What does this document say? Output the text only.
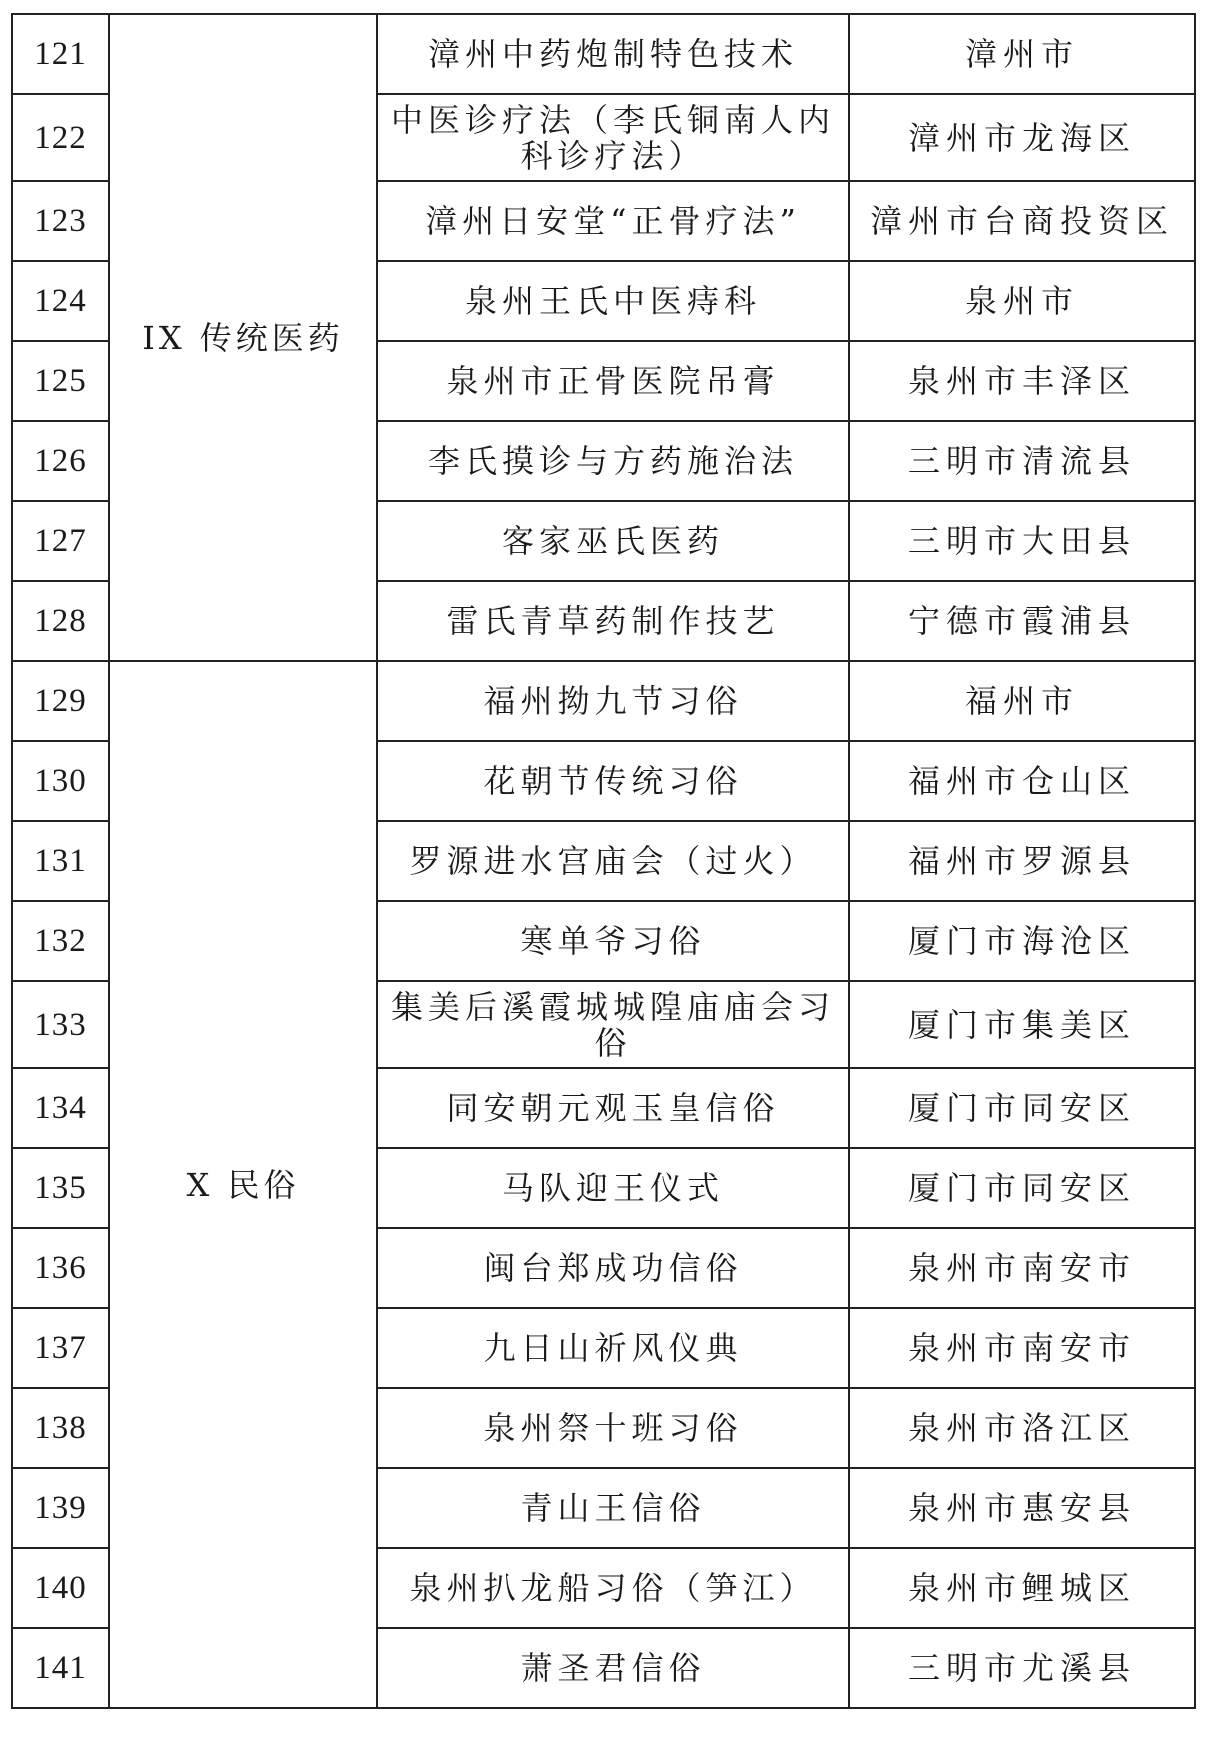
121	IX 传统医药	漳州中药炮制特色技术	漳州市
122		中医诊疗法（李氏铜南人内科诊疗法）	漳州市龙海区
123		漳州日安堂“正骨疗法”	漳州市台商投资区
124		泉州王氏中医痔科	泉州市
125		泉州市正骨医院吊膏	泉州市丰泽区
126		李氏摸诊与方药施治法	三明市清流县
127		客家巫氏医药	三明市大田县
128		雷氏青草药制作技艺	宁德市霞浦县
129	X 民俗	福州拗九节习俗	福州市
130		花朝节传统习俗	福州市仓山区
131		罗源进水宫庙会（过火）	福州市罗源县
132		寒单爷习俗	厦门市海沧区
133		集美后溪霞城城隍庙庙会习俗	厦门市集美区
134		同安朝元观玉皇信俗	厦门市同安区
135		马队迎王仪式	厦门市同安区
136		闽台郑成功信俗	泉州市南安市
137		九日山祈风仪典	泉州市南安市
138		泉州祭十班习俗	泉州市洛江区
139		青山王信俗	泉州市惠安县
140		泉州扒龙船习俗（笋江）	泉州市鲤城区
141		萧圣君信俗	三明市尤溪县
